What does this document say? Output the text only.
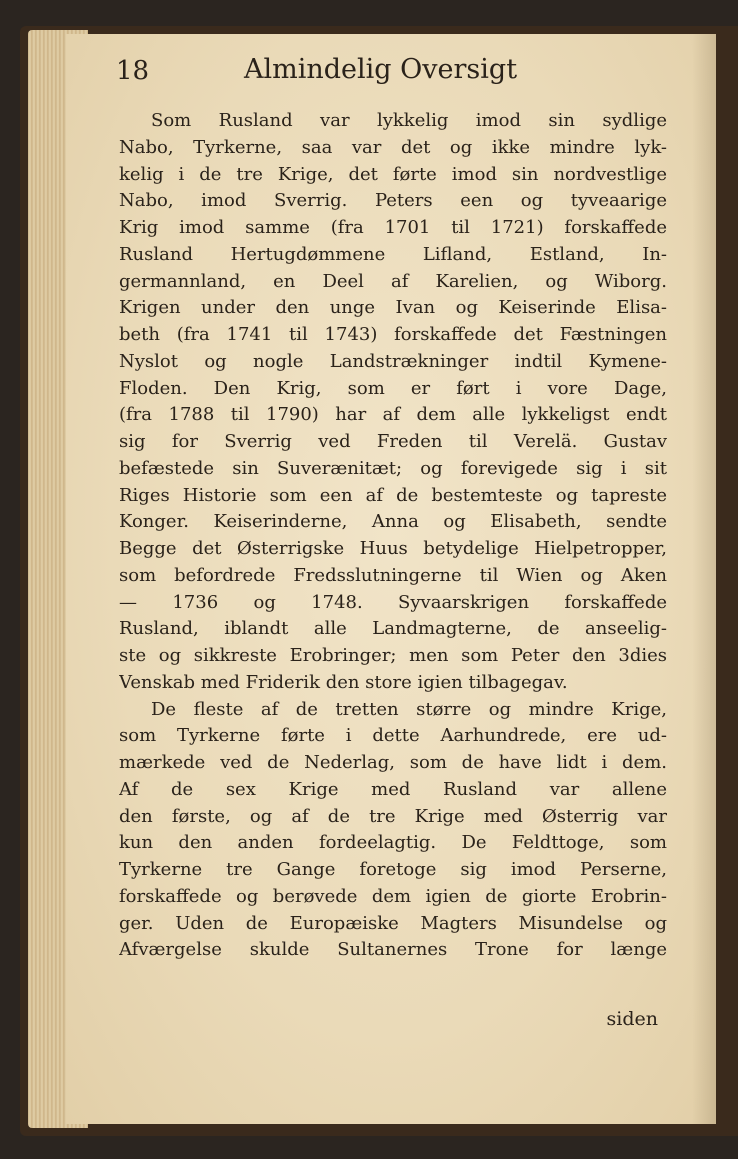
18	Almindelig Oversigt
Som Rusland var lykkelig imod sin sydlige
Nabo, Tyrkerne, saa var det og ikke mindre lyk-
kelig i de tre Krige, det førte imod sin nordvestlige
Nabo, imod Sverrig. Peters een og tyveaarige
Krig imod samme (fra 1701 til 1721) forskaffede
Rusland Hertugdømmene Lifland, Estland, In-
germannland, en Deel af Karelien, og Wiborg.
Krigen under den unge Ivan og Keiserinde Elisa-
beth (fra 1741 til 1743) forskaffede det Fæstningen
Nyslot og nogle Landstrækninger indtil Kymene-
Floden. Den Krig, som er ført i vore Dage,
(fra 1788 til 1790) har af dem alle lykkeligst endt
sig for Sverrig ved Freden til Verelä. Gustav
befæstede sin Suverænitæt; og forevigede sig i sit
Riges Historie som een af de bestemteste og tapreste
Konger. Keiserinderne, Anna og Elisabeth, sendte
Begge det Østerrigske Huus betydelige Hielpetropper,
som befordrede Fredsslutningerne til Wien og Aken
— 1736 og 1748. Syvaarskrigen forskaffede
Rusland, iblandt alle Landmagterne, de anseelig-
ste og sikkreste Erobringer; men som Peter den 3dies
Venskab med Friderik den store igien tilbagegav.
De fleste af de tretten større og mindre Krige,
som Tyrkerne førte i dette Aarhundrede, ere ud-
mærkede ved de Nederlag, som de have lidt i dem.
Af de sex Krige med Rusland var allene
den første, og af de tre Krige med Østerrig var
kun den anden fordeelagtig. De Feldttoge, som
Tyrkerne tre Gange foretoge sig imod Perserne,
forskaffede og berøvede dem igien de giorte Erobrin-
ger. Uden de Europæiske Magters Misundelse og
Afværgelse skulde Sultanernes Trone for længe
siden
